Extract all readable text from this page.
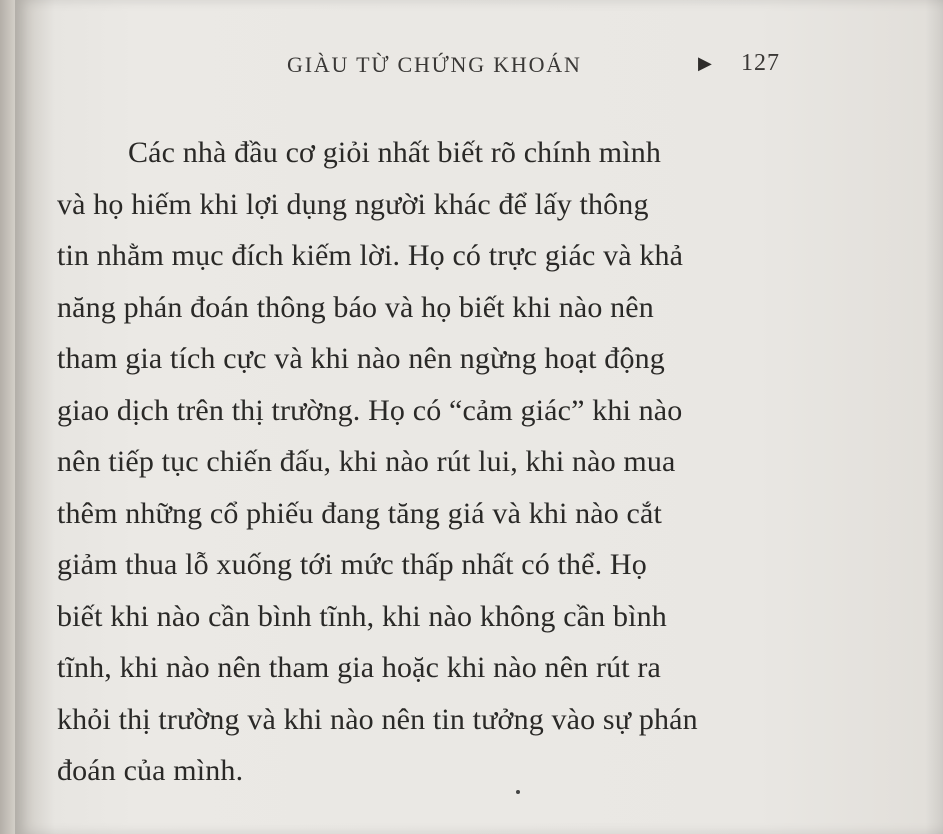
GIÀU TỪ CHỨNG KHOÁN	▶ 127

Các nhà đầu cơ giỏi nhất biết rõ chính mình
và họ hiếm khi lợi dụng người khác để lấy thông
tin nhằm mục đích kiếm lời. Họ có trực giác và khả
năng phán đoán thông báo và họ biết khi nào nên
tham gia tích cực và khi nào nên ngừng hoạt động
giao dịch trên thị trường. Họ có “cảm giác” khi nào
nên tiếp tục chiến đấu, khi nào rút lui, khi nào mua
thêm những cổ phiếu đang tăng giá và khi nào cắt
giảm thua lỗ xuống tới mức thấp nhất có thể. Họ
biết khi nào cần bình tĩnh, khi nào không cần bình
tĩnh, khi nào nên tham gia hoặc khi nào nên rút ra
khỏi thị trường và khi nào nên tin tưởng vào sự phán
đoán của mình.
